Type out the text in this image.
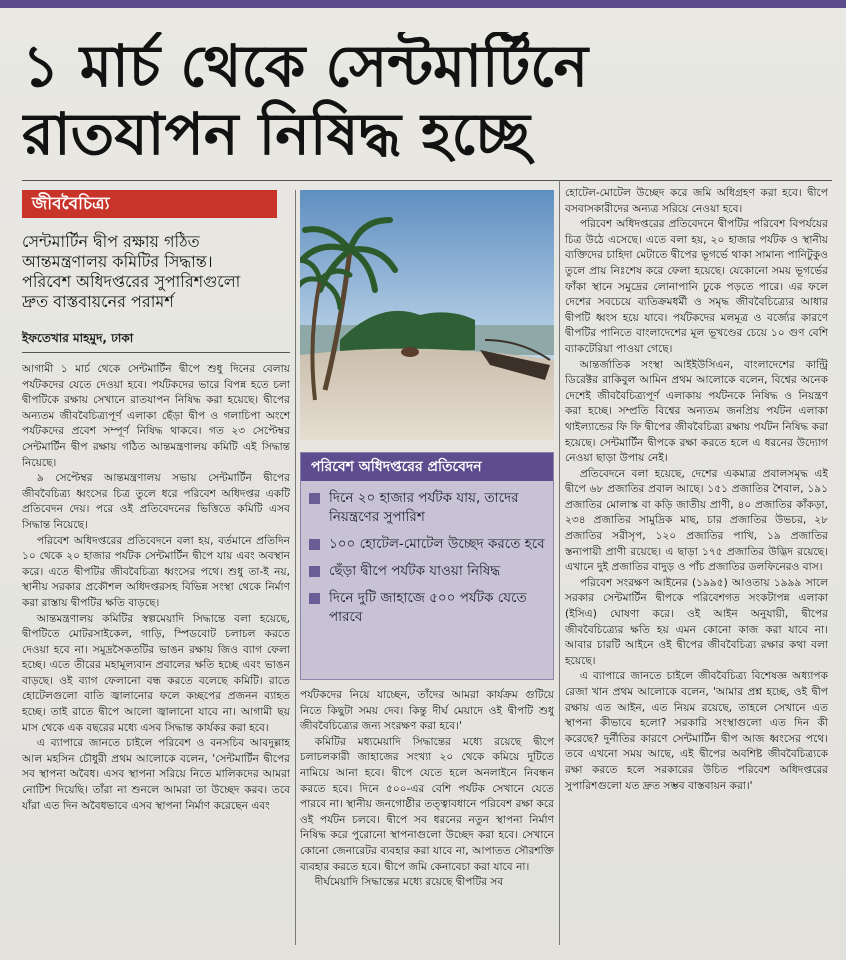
১ মার্চ থেকে সেন্টমার্টিনে
রাতযাপন নিষিদ্ধ হচ্ছে
জীববৈচিত্র্য

সেন্টমার্টিন দ্বীপ রক্ষায় গঠিত

আন্তমন্ত্রণালয় কমিটির সিদ্ধান্ত।

পরিবেশ অধিদপ্তরের সুপারিশগুলো

দ্রুত বাস্তবায়নের পরামর্শ

ইফতেখার মাহমুদ, ঢাকা

আগামী ১ মার্চ থেকে সেন্টমার্টিন দ্বীপে শুধু দিনের বেলায় পর্যটকদের যেতে দেওয়া হবে। পর্যটকদের ভারে বিপন্ন হতে চলা দ্বীপটিকে রক্ষায় সেখানে রাতযাপন নিষিদ্ধ করা হয়েছে। দ্বীপের অন্যতম জীববৈচিত্র্যপূর্ণ এলাকা ছেঁড়া দ্বীপ ও গলাচিপা অংশে পর্যটকদের প্রবেশ সম্পূর্ণ নিষিদ্ধ থাকবে। গত ২৩ সেপ্টেম্বর সেন্টমার্টিন দ্বীপ রক্ষায় গঠিত আন্তমন্ত্রণালয় কমিটি এই সিদ্ধান্ত নিয়েছে।

৯ সেপ্টেম্বর আন্তমন্ত্রণালয় সভায় সেন্টমার্টিন দ্বীপের জীববৈচিত্র্য ধ্বংসের চিত্র তুলে ধরে পরিবেশ অধিদপ্তর একটি প্রতিবেদন দেয়। পরে ওই প্রতিবেদনের ভিত্তিতে কমিটি এসব সিদ্ধান্ত নিয়েছে।

পরিবেশ অধিদপ্তরের প্রতিবেদনে বলা হয়, বর্তমানে প্রতিদিন ১০ থেকে ২০ হাজার পর্যটক সেন্টমার্টিন দ্বীপে যায় এবং অবস্থান করে। এতে দ্বীপটির জীববৈচিত্র্য ধ্বংসের পথে। শুধু তা-ই নয়, স্থানীয় সরকার প্রকৌশল অধিদপ্তরসহ বিভিন্ন সংস্থা থেকে নির্মাণ করা রাস্তায় দ্বীপটির ক্ষতি বাড়ছে।

আন্তমন্ত্রণালয় কমিটির স্বল্পমেয়াদি সিদ্ধান্তে বলা হয়েছে, দ্বীপটিতে মোটরসাইকেল, গাড়ি, স্পিডবোট চলাচল করতে দেওয়া হবে না। সমুদ্রসৈকতটির ভাঙন রক্ষায় জিও ব্যাগ ফেলা হচ্ছে। এতে তীরের মহামূল্যবান প্রবালের ক্ষতি হচ্ছে এবং ভাঙন বাড়ছে। ওই ব্যাগ ফেলানো বন্ধ করতে বলেছে কমিটি। রাতে হোটেলগুলো বাতি জ্বালানোর ফলে কচ্ছপের প্রজনন ব্যাহত হচ্ছে। তাই রাতে দ্বীপে আলো জ্বালানো যাবে না। আগামী ছয় মাস থেকে এক বছরের মধ্যে এসব সিদ্ধান্ত কার্যকর করা হবে।

এ ব্যাপারে জানতে চাইলে পরিবেশ ও বনসচিব আবদুল্লাহ আল মহসিন চৌধুরী প্রথম আলোকে বলেন, 'সেন্টমার্টিন দ্বীপের সব স্থাপনা অবৈধ। এসব স্থাপনা সরিয়ে নিতে মালিকদের আমরা নোটিশ দিয়েছি। তাঁরা না শুনলে আমরা তা উচ্ছেদ করব। তবে যাঁরা এত দিন অবৈধভাবে এসব স্থাপনা নির্মাণ করেছেন এবং

পরিবেশ অধিদপ্তরের প্রতিবেদন
দিনে ২০ হাজার পর্যটক যায়, তাদের নিয়ন্ত্রণের সুপারিশ
১০০ হোটেল-মোটেল উচ্ছেদ করতে হবে
ছেঁড়া দ্বীপে পর্যটক যাওয়া নিষিদ্ধ
দিনে দুটি জাহাজে ৫০০ পর্যটক যেতে পারবে

পর্যটকদের নিয়ে যাচ্ছেন, তাঁদের আমরা কার্যক্রম গুটিয়ে নিতে কিছুটা সময় দেব। কিন্তু দীর্ঘ মেয়াদে ওই দ্বীপটি শুধু জীববৈচিত্র্যের জন্য সংরক্ষণ করা হবে।'

কমিটির মধ্যমেয়াদি সিদ্ধান্তের মধ্যে রয়েছে দ্বীপে চলাচলকারী জাহাজের সংখ্যা ২০ থেকে কমিয়ে দুটিতে নামিয়ে আনা হবে। দ্বীপে যেতে হলে অনলাইনে নিবন্ধন করতে হবে। দিনে ৫০০-এর বেশি পর্যটক সেখানে যেতে পারবে না। স্থানীয় জনগোষ্ঠীর তত্ত্বাবধানে পরিবেশ রক্ষা করে ওই পর্যটন চলবে। দ্বীপে সব ধরনের নতুন স্থাপনা নির্মাণ নিষিদ্ধ করে পুরোনো স্থাপনাগুলো উচ্ছেদ করা হবে। সেখানে কোনো জেনারেটর ব্যবহার করা যাবে না, আপাতত সৌরশক্তি ব্যবহার করতে হবে। দ্বীপে জমি কেনাবেচা করা যাবে না।

দীর্ঘমেয়াদি সিদ্ধান্তের মধ্যে রয়েছে দ্বীপটির সব

হোটেল-মোটেল উচ্ছেদ করে জমি অধিগ্রহণ করা হবে। দ্বীপে বসবাসকারীদের অন্যত্র সরিয়ে নেওয়া হবে।

পরিবেশ অধিদপ্তরের প্রতিবেদনে দ্বীপটির পরিবেশ বিপর্যয়ের চিত্র উঠে এসেছে। এতে বলা হয়, ২০ হাজার পর্যটক ও স্থানীয় ব্যক্তিদের চাহিদা মেটাতে দ্বীপের ভূগর্ভে থাকা সামান্য পানিটুকুও তুলে প্রায় নিঃশেষ করে ফেলা হয়েছে। যেকোনো সময় ভূগর্ভের ফাঁকা স্থানে সমুদ্রের লোনাপানি ঢুকে পড়তে পারে। এর ফলে দেশের সবচেয়ে ব্যতিক্রমধর্মী ও সমৃদ্ধ জীববৈচিত্র্যের আধার দ্বীপটি ধ্বংস হয়ে যাবে। পর্যটকদের মলমূত্র ও বর্জ্যের কারণে দ্বীপটির পানিতে বাংলাদেশের মূল ভূখণ্ডের চেয়ে ১০ গুণ বেশি ব্যাকটেরিয়া পাওয়া গেছে।

আন্তর্জাতিক সংস্থা আইইউসিএন, বাংলাদেশের কান্ট্রি ডিরেক্টর রাকিবুল আমিন প্রথম আলোকে বলেন, বিশ্বের অনেক দেশেই জীববৈচিত্র্যপূর্ণ এলাকায় পর্যটনকে নিষিদ্ধ ও নিয়ন্ত্রণ করা হচ্ছে। সম্প্রতি বিশ্বের অন্যতম জনপ্রিয় পর্যটন এলাকা থাইল্যান্ডের ফি ফি দ্বীপের জীববৈচিত্র্য রক্ষায় পর্যটন নিষিদ্ধ করা হয়েছে। সেন্টমার্টিন দ্বীপকে রক্ষা করতে হলে এ ধরনের উদ্যোগ নেওয়া ছাড়া উপায় নেই।

প্রতিবেদনে বলা হয়েছে, দেশের একমাত্র প্রবালসমৃদ্ধ এই দ্বীপে ৬৮ প্রজাতির প্রবাল আছে। ১৫১ প্রজাতির শৈবাল, ১৯১ প্রজাতির মোলাস্ক বা কড়ি জাতীয় প্রাণী, ৪০ প্রজাতির কাঁকড়া, ২৩৪ প্রজাতির সামুদ্রিক মাছ, চার প্রজাতির উভচর, ২৮ প্রজাতির সরীসৃপ, ১২০ প্রজাতির পাখি, ১৯ প্রজাতির স্তন্যপায়ী প্রাণী রয়েছে। এ ছাড়া ১৭৫ প্রজাতির উদ্ভিদ রয়েছে। এখানে দুই প্রজাতির বাদুড় ও পাঁচ প্রজাতির ডলফিনেরও বাস।

পরিবেশ সংরক্ষণ আইনের (১৯৯৫) আওতায় ১৯৯৯ সালে সরকার সেন্টমার্টিন দ্বীপকে পরিবেশগত সংকটাপন্ন এলাকা (ইসিএ) ঘোষণা করে। ওই আইন অনুযায়ী, দ্বীপের জীববৈচিত্র্যের ক্ষতি হয় এমন কোনো কাজ করা যাবে না। আবার চারটি আইনে ওই দ্বীপের জীববৈচিত্র্য রক্ষার কথা বলা হয়েছে।

এ ব্যাপারে জানতে চাইলে জীববৈচিত্র্য বিশেষজ্ঞ অধ্যাপক রেজা খান প্রথম আলোকে বলেন, 'আমার প্রশ্ন হচ্ছে, ওই দ্বীপ রক্ষায় এত আইন, এত নিয়ম রয়েছে, তাহলে সেখানে এত স্থাপনা কীভাবে হলো? সরকারি সংস্থাগুলো এত দিন কী করেছে? দুর্নীতির কারণে সেন্টমার্টিন দ্বীপ আজ ধ্বংসের পথে। তবে এখনো সময় আছে, এই দ্বীপের অবশিষ্ট জীববৈচিত্র্যকে রক্ষা করতে হলে সরকারের উচিত পরিবেশ অধিদপ্তরের সুপারিশগুলো যত দ্রুত সম্ভব বাস্তবায়ন করা।'
